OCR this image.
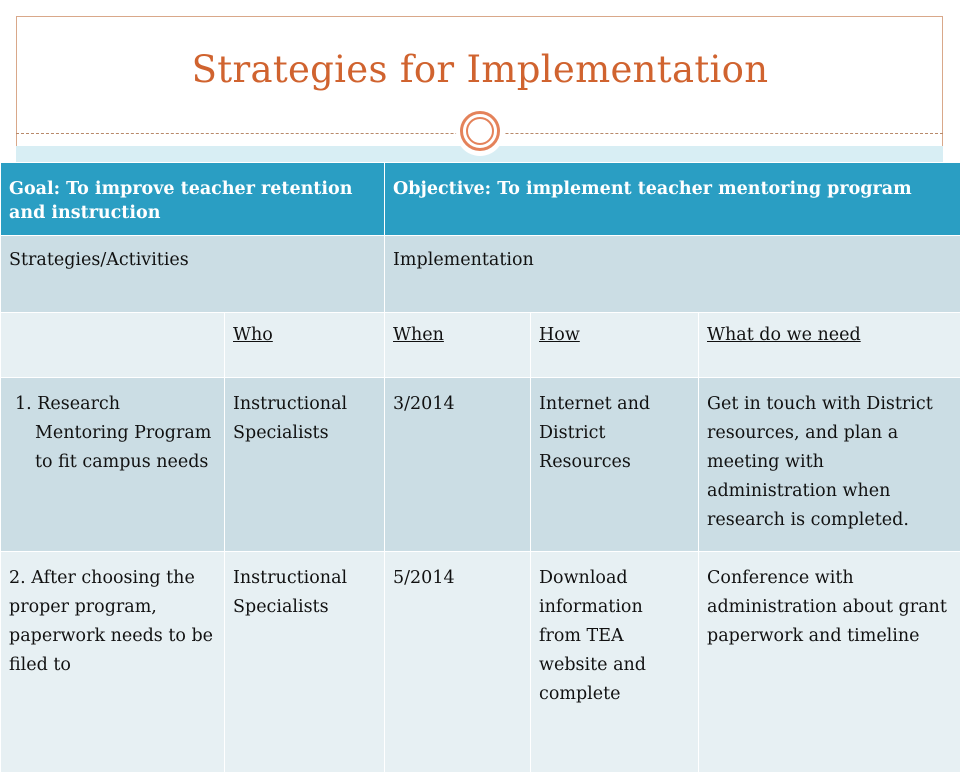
Strategies for Implementation
Goal: To improve teacher retention and instruction		Objective: To implement teacher mentoring program		
Strategies/Activities		Implementation		
	Who	When	How	What do we need

1. Research Mentoring Program to fit campus needs	Instructional Specialists	3/2014	Internet and District Resources	Get in touch with District resources, and plan a meeting with administration when research is completed.
2. After choosing the proper program, paperwork needs to be filed to	Instructional Specialists	5/2014	Download information from TEA website and complete	Conference with administration about grant paperwork and timeline
